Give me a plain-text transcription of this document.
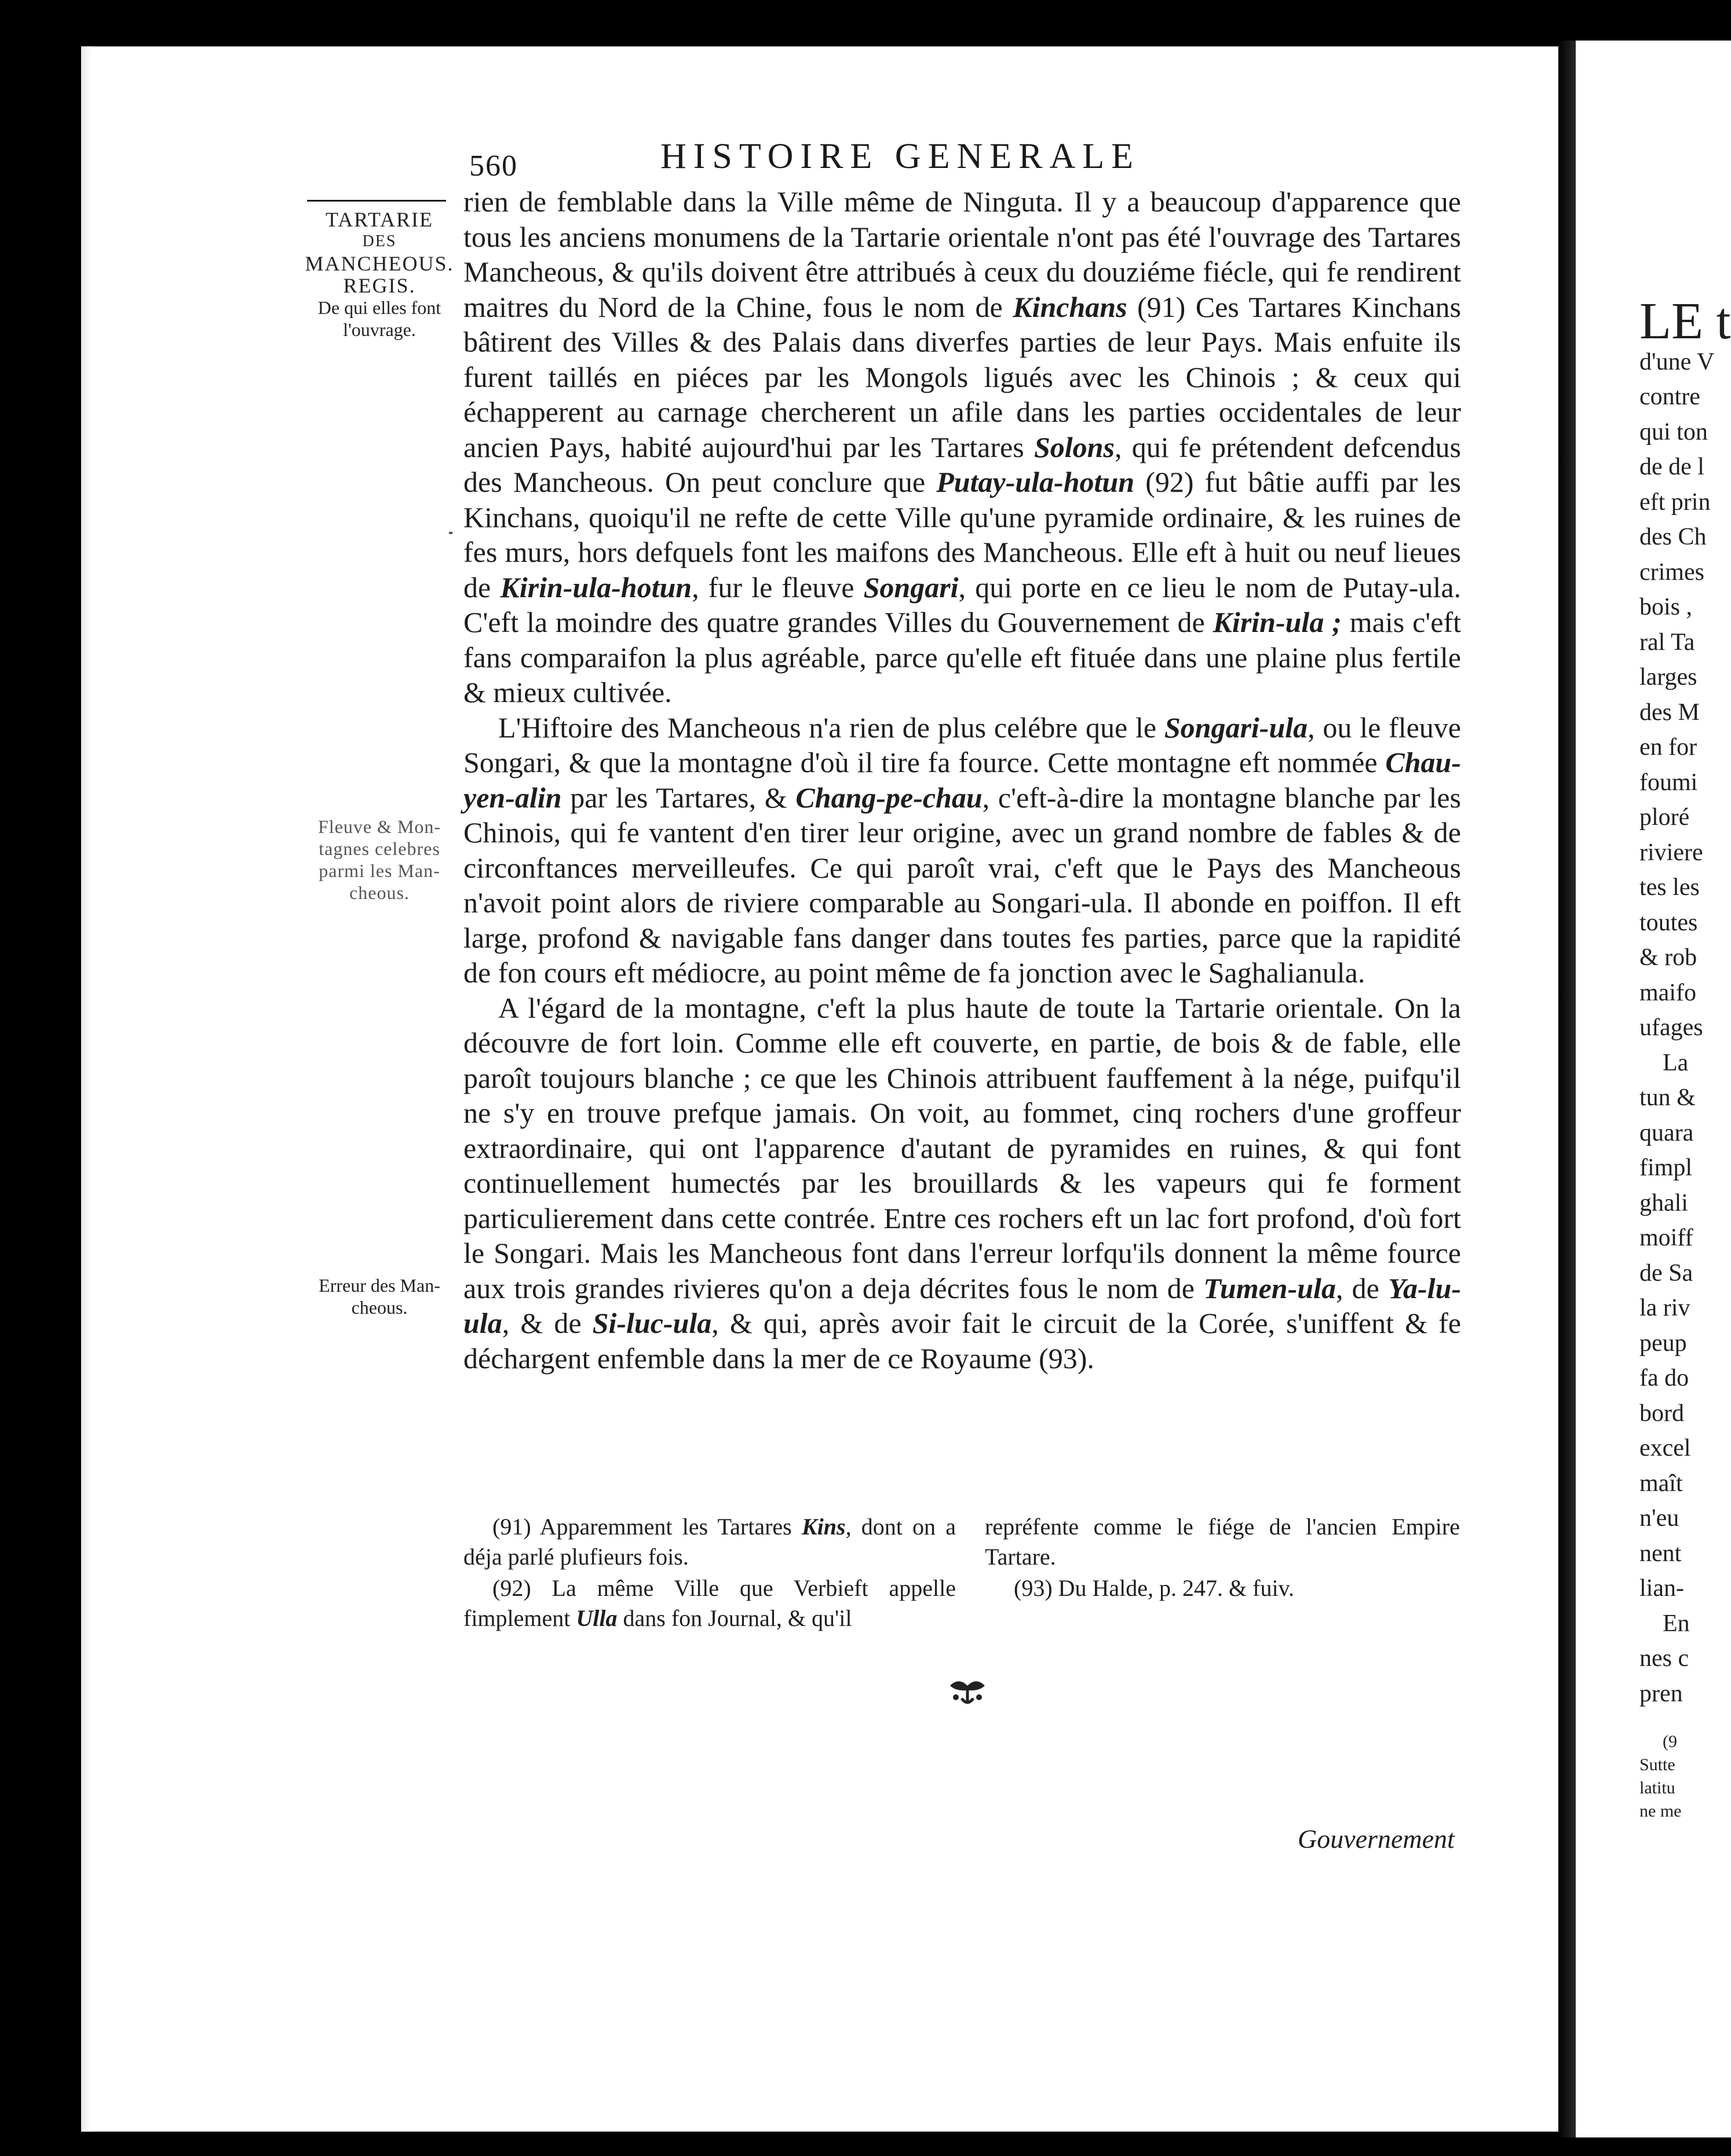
560	HISTOIRE GENERALE
TARTARIE
DES
MANCHEOUS.
REGIS.
De qui elles font
l'ouvrage.
Fleuve & Mon-
tagnes celebres
parmi les Man-
cheous.
Erreur des Man-
cheous.

rien de femblable dans la Ville même de Ninguta. Il y a beaucoup d'apparence que tous les anciens monumens de la Tartarie orientale n'ont pas été l'ouvrage des Tartares Mancheous, & qu'ils doivent être attribués à ceux du douziéme fiécle, qui fe rendirent maitres du Nord de la Chine, fous le nom de Kinchans (91) Ces Tartares Kinchans bâtirent des Villes & des Palais dans diverfes parties de leur Pays. Mais enfuite ils furent taillés en piéces par les Mongols ligués avec les Chinois ; & ceux qui échapperent au carnage chercherent un afile dans les parties occidentales de leur ancien Pays, habité aujourd'hui par les Tartares Solons, qui fe prétendent defcendus des Mancheous. On peut conclure que Putay-ula-hotun (92) fut bâtie auffi par les Kinchans, quoiqu'il ne refte de cette Ville qu'une pyramide ordinaire, & les ruines de fes murs, hors defquels font les maifons des Mancheous. Elle eft à huit ou neuf lieues de Kirin-ula-hotun, fur le fleuve Songari, qui porte en ce lieu le nom de Putay-ula. C'eft la moindre des quatre grandes Villes du Gouvernement de Kirin-ula ; mais c'eft fans comparaifon la plus agréable, parce qu'elle eft fituée dans une plaine plus fertile & mieux cultivée.

L'Hiftoire des Mancheous n'a rien de plus celébre que le Songari-ula, ou le fleuve Songari, & que la montagne d'où il tire fa fource. Cette montagne eft nommée Chau-yen-alin par les Tartares, & Chang-pe-chau, c'eft-à-dire la montagne blanche par les Chinois, qui fe vantent d'en tirer leur origine, avec un grand nombre de fables & de circonftances merveilleufes. Ce qui paroît vrai, c'eft que le Pays des Mancheous n'avoit point alors de riviere comparable au Songari-ula. Il abonde en poiffon. Il eft large, profond & navigable fans danger dans toutes fes parties, parce que la rapidité de fon cours eft médiocre, au point même de fa jonction avec le Saghalianula.

A l'égard de la montagne, c'eft la plus haute de toute la Tartarie orientale. On la découvre de fort loin. Comme elle eft couverte, en partie, de bois & de fable, elle paroît toujours blanche ; ce que les Chinois attribuent fauffement à la nége, puifqu'il ne s'y en trouve prefque jamais. On voit, au fommet, cinq rochers d'une groffeur extraordinaire, qui ont l'apparence d'autant de pyramides en ruines, & qui font continuellement humectés par les brouillards & les vapeurs qui fe forment particulierement dans cette contrée. Entre ces rochers eft un lac fort profond, d'où fort le Songari. Mais les Mancheous font dans l'erreur lorfqu'ils donnent la même fource aux trois grandes rivieres qu'on a deja décrites fous le nom de Tumen-ula, de Ya-lu-ula, & de Si-luc-ula, & qui, après avoir fait le circuit de la Corée, s'uniffent & fe déchargent enfemble dans la mer de ce Royaume (93).

(91) Apparemment les Tartares Kins, dont on a déja parlé plufieurs fois.

(92) La même Ville que Verbieft appelle fimplement Ulla dans fon Journal, & qu'il

repréfente comme le fiége de l'ancien Empire Tartare.

(93) Du Halde, p. 247. & fuiv.

Gouvernement
LE t
d'une V
contre
qui ton
de de l
eft prin
des Ch
crimes
bois ,
ral Ta
larges
des M
en for
foumi
ploré
riviere
tes les
toutes
& rob
maifo
ufages
La
tun &
quara
fimpl
ghali
moiff
de Sa
la riv
peup
fa do
bord
excel
maît
n'eu
nent
lian-
En
nes c
pren
(9
Sutte
latitu
ne me
